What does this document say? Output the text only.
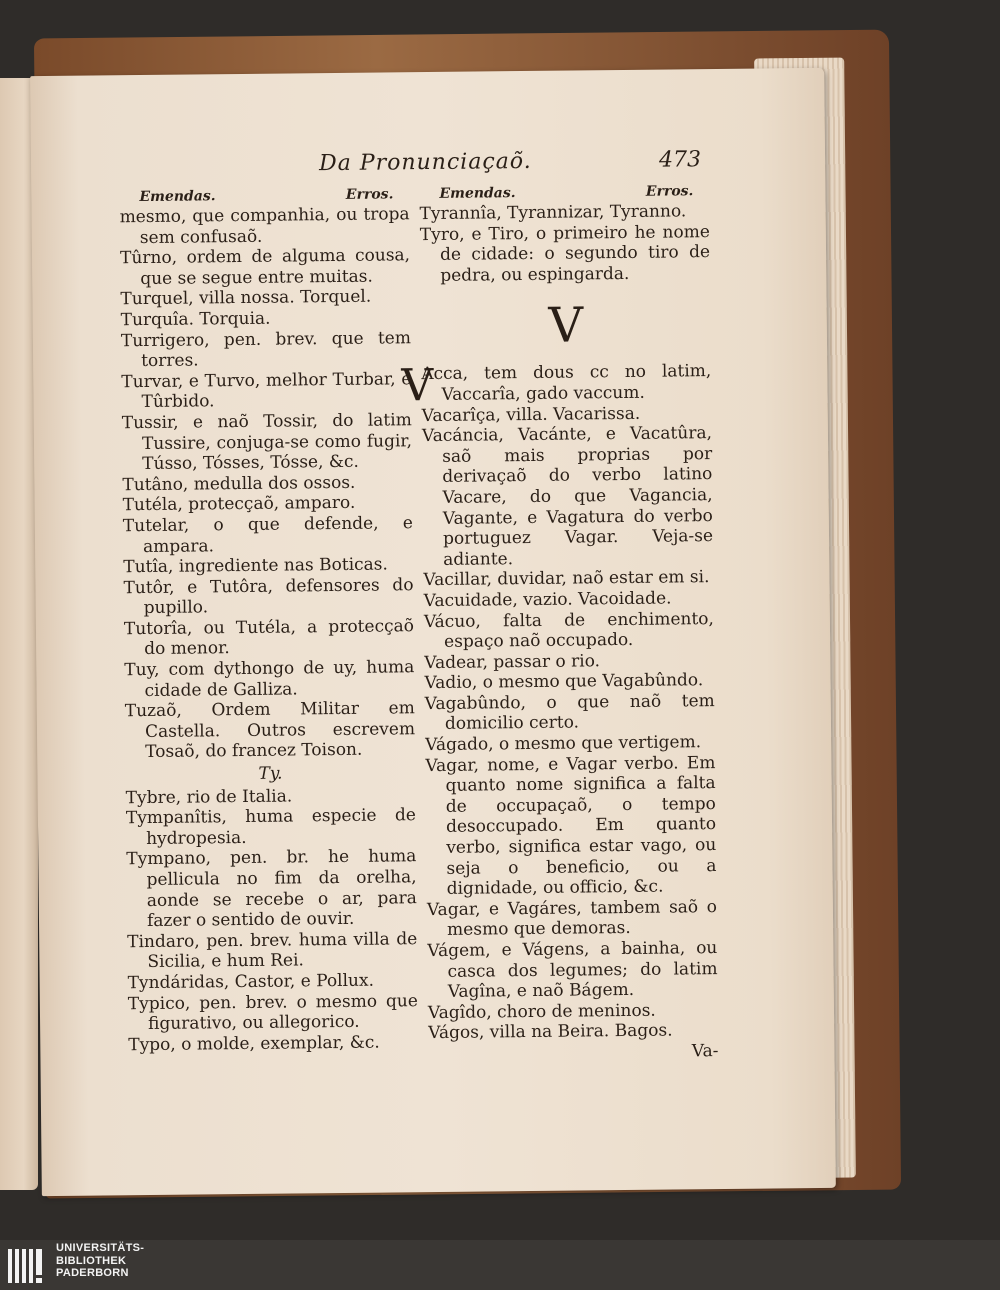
Da Pronunciaçaõ.	473
Emendas.	Erros.

mesmo, que companhia, ou tropa sem confusaõ.

Tûrno, ordem de alguma cousa, que se segue entre muitas.

Turquel, villa nossa. Torquel.

Turquîa. Torquia.

Turrigero, pen. brev. que tem torres.

Turvar, e Turvo, melhor Turbar, e Tûrbido.

Tussir, e naõ Tossir, do latim Tussire, conjuga-se como fugir, Tússo, Tósses, Tósse, &c.

Tutâno, medulla dos ossos.

Tutéla, protecçaõ, amparo.

Tutelar, o que defende, e ampara.

Tutîa, ingrediente nas Boticas.

Tutôr, e Tutôra, defensores do pupillo.

Tutorîa, ou Tutéla, a protecçaõ do menor.

Tuy, com dythongo de uy, huma cidade de Galliza.

Tuzaõ, Ordem Militar em Castella. Outros escrevem Tosaõ, do francez Toison.

Ty.

Tybre, rio de Italia.

Tympanîtis, huma especie de hydropesia.

Tympano, pen. br. he huma pellicula no fim da orelha, aonde se recebe o ar, para fazer o sentido de ouvir.

Tindaro, pen. brev. huma villa de Sicilia, e hum Rei.

Tyndáridas, Castor, e Pollux.

Typico, pen. brev. o mesmo que figurativo, ou allegorico.

Typo, o molde, exemplar, &c.

Emendas.	Erros.

Tyrannîa, Tyrannizar, Tyranno.

Tyro, e Tiro, o primeiro he nome de cidade: o segundo tiro de pedra, ou espingarda.

V

V
Acca, tem dous cc no latim, Vaccarîa, gado vaccum.

Vacarîça, villa. Vacarissa.

Vacáncia, Vacánte, e Vacatûra, saõ mais proprias por derivaçaõ do verbo latino Vacare, do que Vagancia, Vagante, e Vagatura do verbo portuguez Vagar. Veja-se adiante.

Vacillar, duvidar, naõ estar em si.

Vacuidade, vazio. Vacoidade.

Vácuo, falta de enchimento, espaço naõ occupado.

Vadear, passar o rio.

Vadio, o mesmo que Vagabûndo.

Vagabûndo, o que naõ tem domicilio certo.

Vágado, o mesmo que vertigem.

Vagar, nome, e Vagar verbo. Em quanto nome significa a falta de occupaçaõ, o tempo desoccupado. Em quanto verbo, significa estar vago, ou seja o beneficio, ou a dignidade, ou officio, &c.

Vagar, e Vagáres, tambem saõ o mesmo que demoras.

Vágem, e Vágens, a bainha, ou casca dos legumes; do latim Vagîna, e naõ Bágem.

Vagîdo, choro de meninos.

Vágos, villa na Beira. Bagos.

Va-

UNIVERSITÄTS-
BIBLIOTHEK
PADERBORN
